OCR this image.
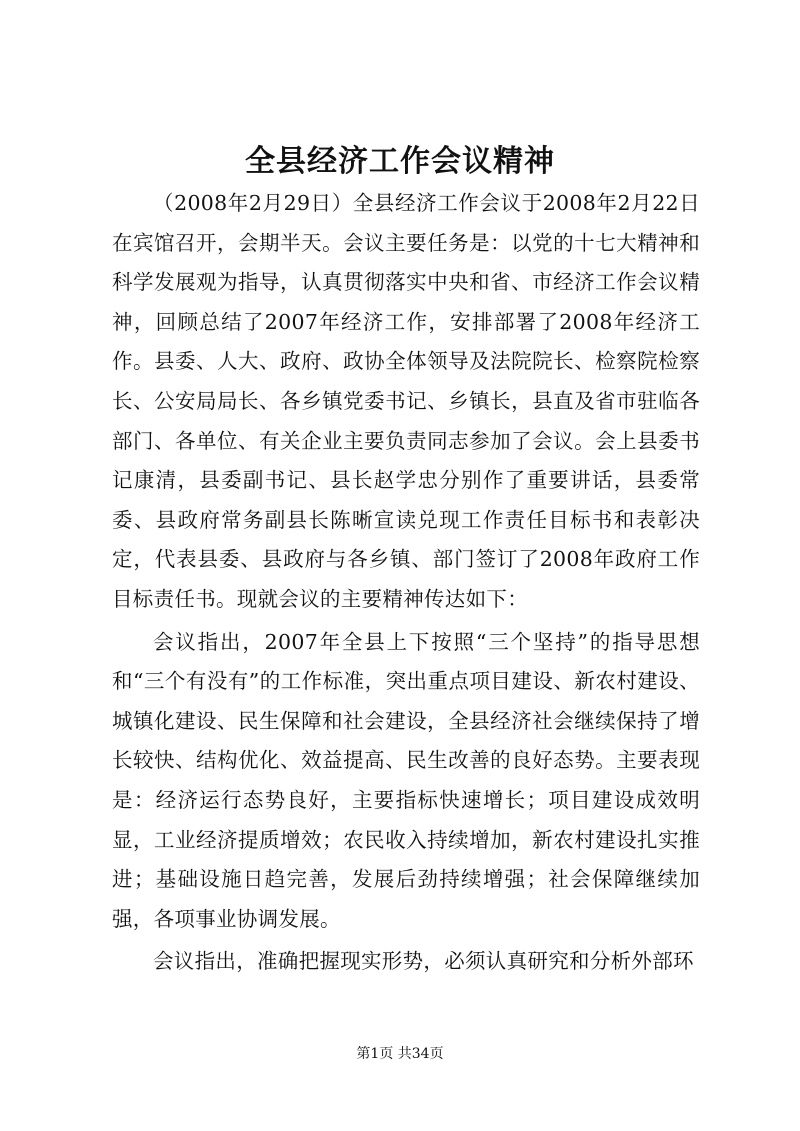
全县经济工作会议精神

（2008年2月29日）全县经济工作会议于2008年2月22日在宾馆召开，会期半天。会议主要任务是：以党的十七大精神和科学发展观为指导，认真贯彻落实中央和省、市经济工作会议精神，回顾总结了2007年经济工作，安排部署了2008年经济工作。县委、人大、政府、政协全体领导及法院院长、检察院检察长、公安局局长、各乡镇党委书记、乡镇长，县直及省市驻临各部门、各单位、有关企业主要负责同志参加了会议。会上县委书记康清，县委副书记、县长赵学忠分别作了重要讲话，县委常委、县政府常务副县长陈晰宣读兑现工作责任目标书和表彰决定，代表县委、县政府与各乡镇、部门签订了2008年政府工作目标责任书。现就会议的主要精神传达如下：

会议指出，2007年全县上下按照“三个坚持”的指导思想和“三个有没有”的工作标准，突出重点项目建设、新农村建设、城镇化建设、民生保障和社会建设，全县经济社会继续保持了增长较快、结构优化、效益提高、民生改善的良好态势。主要表现是：经济运行态势良好，主要指标快速增长；项目建设成效明显，工业经济提质增效；农民收入持续增加，新农村建设扎实推进；基础设施日趋完善，发展后劲持续增强；社会保障继续加强，各项事业协调发展。

会议指出，准确把握现实形势，必须认真研究和分析外部环

第1页 共34页
